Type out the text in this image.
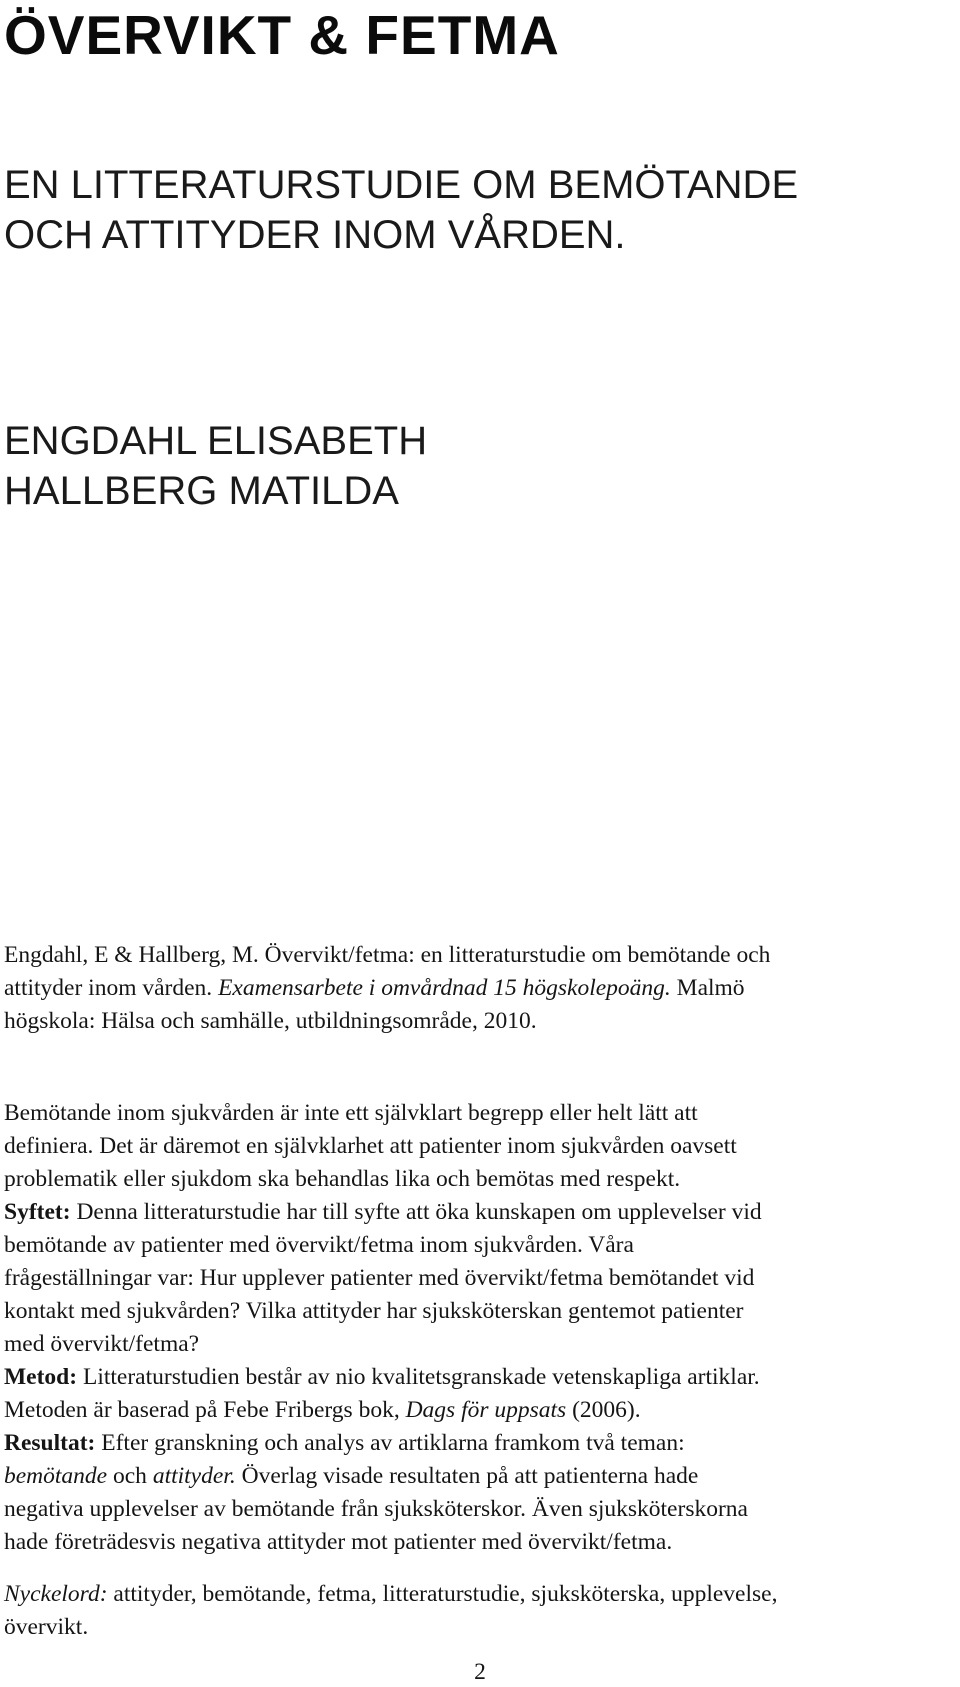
ÖVERVIKT & FETMA
EN LITTERATURSTUDIE OM BEMÖTANDE
OCH ATTITYDER INOM VÅRDEN.
ENGDAHL ELISABETH
HALLBERG MATILDA
Engdahl, E & Hallberg, M. Övervikt/fetma: en litteraturstudie om bemötande och
attityder inom vården. Examensarbete i omvårdnad 15 högskolepoäng. Malmö
högskola: Hälsa och samhälle, utbildningsområde, 2010.
Bemötande inom sjukvården är inte ett självklart begrepp eller helt lätt att
definiera. Det är däremot en självklarhet att patienter inom sjukvården oavsett
problematik eller sjukdom ska behandlas lika och bemötas med respekt.
Syftet: Denna litteraturstudie har till syfte att öka kunskapen om upplevelser vid
bemötande av patienter med övervikt/fetma inom sjukvården. Våra
frågeställningar var: Hur upplever patienter med övervikt/fetma bemötandet vid
kontakt med sjukvården? Vilka attityder har sjuksköterskan gentemot patienter
med övervikt/fetma?
Metod: Litteraturstudien består av nio kvalitetsgranskade vetenskapliga artiklar.
Metoden är baserad på Febe Fribergs bok, Dags för uppsats (2006).
Resultat: Efter granskning och analys av artiklarna framkom två teman:
bemötande och attityder. Överlag visade resultaten på att patienterna hade
negativa upplevelser av bemötande från sjuksköterskor. Även sjuksköterskorna
hade företrädesvis negativa attityder mot patienter med övervikt/fetma.
Nyckelord: attityder, bemötande, fetma, litteraturstudie, sjuksköterska, upplevelse,
övervikt.
2
